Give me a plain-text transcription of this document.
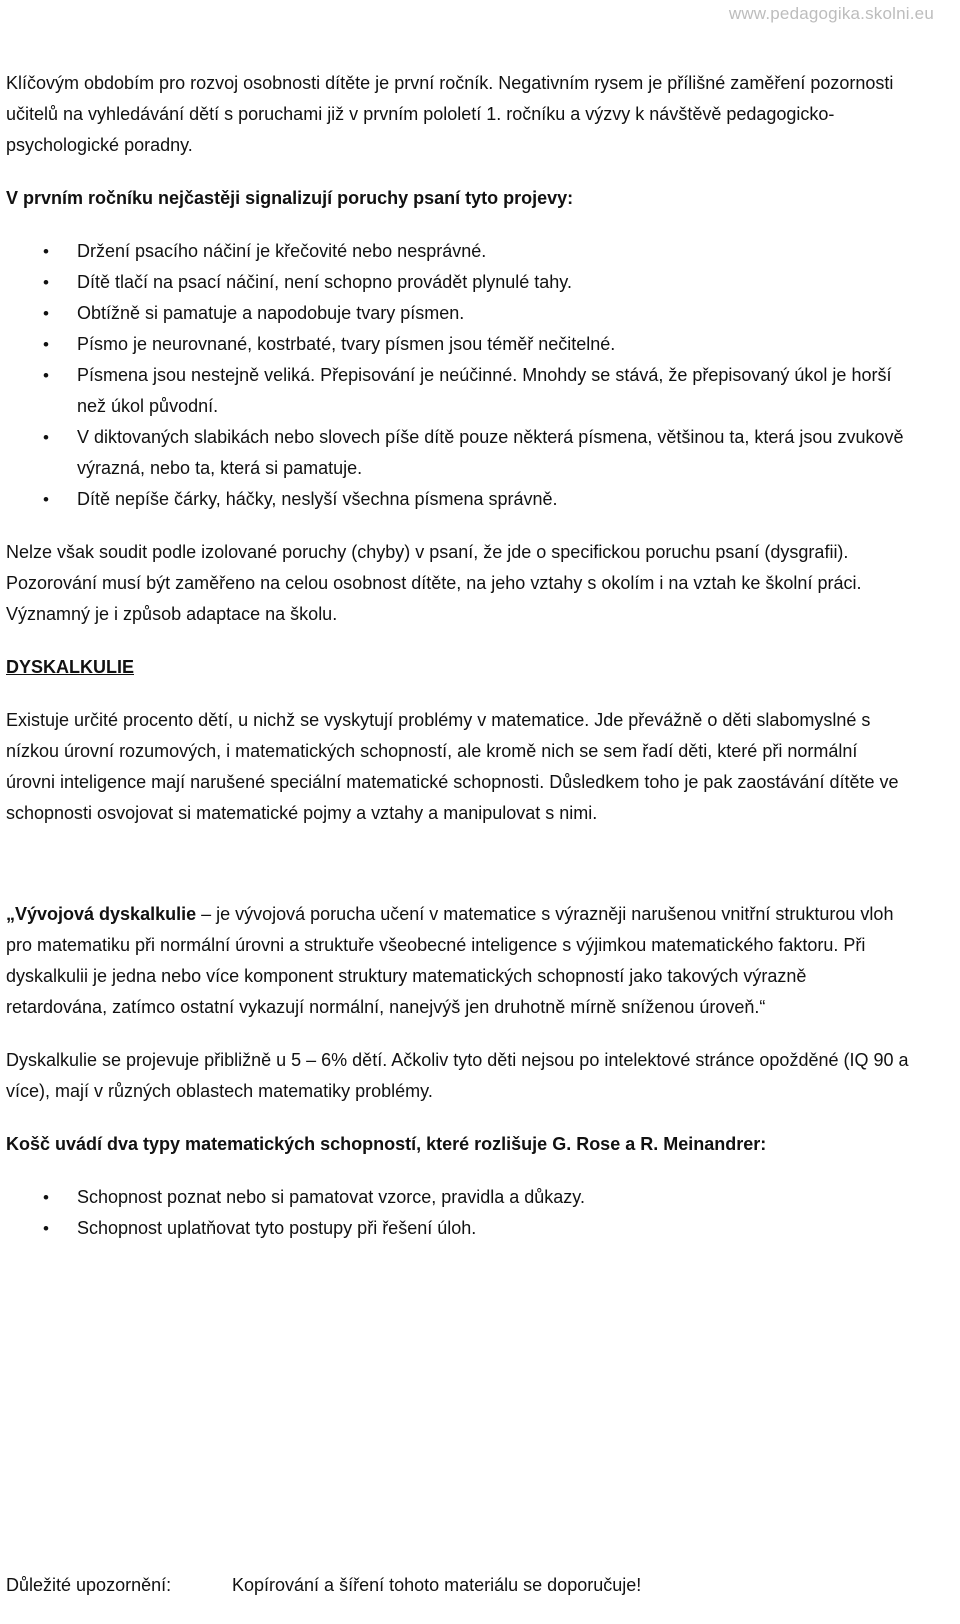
www.pedagogika.skolni.eu

Klíčovým obdobím pro rozvoj osobnosti dítěte je první ročník. Negativním rysem je přílišné zaměření pozornosti učitelů na vyhledávání dětí s poruchami již v prvním pololetí 1. ročníku a výzvy k návštěvě pedagogicko-psychologické poradny.

V prvním ročníku nejčastěji signalizují poruchy psaní tyto projevy:

• Držení psacího náčiní je křečovité nebo nesprávné.
• Dítě tlačí na psací náčiní, není schopno provádět plynulé tahy.
• Obtížně si pamatuje a napodobuje tvary písmen.
• Písmo je neurovnané, kostrbaté, tvary písmen jsou téměř nečitelné.
• Písmena jsou nestejně veliká. Přepisování je neúčinné. Mnohdy se stává, že přepisovaný úkol je horší než úkol původní.
• V diktovaných slabikách nebo slovech píše dítě pouze některá písmena, většinou ta, která jsou zvukově výrazná, nebo ta, která si pamatuje.
• Dítě nepíše čárky, háčky, neslyší všechna písmena správně.

Nelze však soudit podle izolované poruchy (chyby) v psaní, že jde o specifickou poruchu psaní (dysgrafii). Pozorování musí být zaměřeno na celou osobnost dítěte, na jeho vztahy s okolím i na vztah ke školní práci. Významný je i způsob adaptace na školu.

DYSKALKULIE

Existuje určité procento dětí, u nichž se vyskytují problémy v matematice. Jde převážně o děti slabomyslné s nízkou úrovní rozumových, i matematických schopností, ale kromě nich se sem řadí děti, které při normální úrovni inteligence mají narušené speciální matematické schopnosti. Důsledkem toho je pak zaostávání dítěte ve schopnosti osvojovat si matematické pojmy a vztahy a manipulovat s nimi.

„Vývojová dyskalkulie – je vývojová porucha učení v matematice s výrazněji narušenou vnitřní strukturou vloh pro matematiku při normální úrovni a struktuře všeobecné inteligence s výjimkou matematického faktoru. Při dyskalkulii je jedna nebo více komponent struktury matematických schopností jako takových výrazně retardována, zatímco ostatní vykazují normální, nanejvýš jen druhotně mírně sníženou úroveň.“

Dyskalkulie se projevuje přibližně u 5 – 6% dětí. Ačkoliv tyto děti nejsou po intelektové stránce opožděné (IQ 90 a více), mají v různých oblastech matematiky problémy.

Košč uvádí dva typy matematických schopností, které rozlišuje G. Rose a R. Meinandrer:

• Schopnost poznat nebo si pamatovat vzorce, pravidla a důkazy.
• Schopnost uplatňovat tyto postupy při řešení úloh.
Důležité upozornění:	Kopírování a šíření tohoto materiálu se doporučuje!
